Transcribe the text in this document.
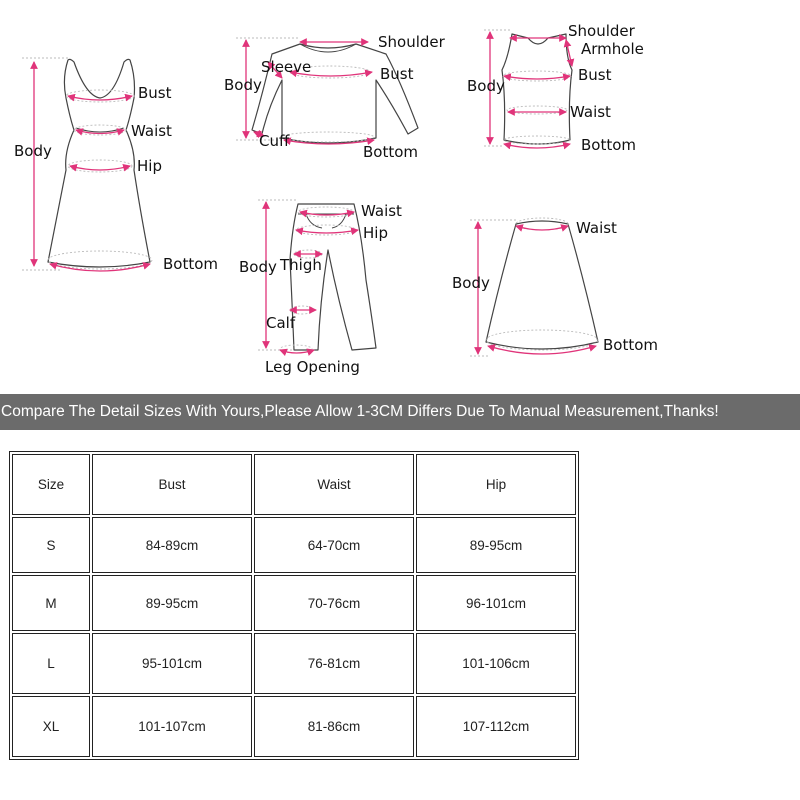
Body
Bust
Waist
Hip
Bottom
Body
Sleeve
Shoulder
Bust
Cuff
Bottom
Body
Shoulder
Armhole
Bust
Waist
Bottom
Body Thigh
Waist
Hip
Calf
Leg Opening
Body
Waist
Bottom
Compare The Detail Sizes With Yours,Please Allow 1-3CM Differs Due To Manual Measurement,Thanks!
Size	Bust	Waist	Hip
S	84-89cm	64-70cm	89-95cm
M	89-95cm	70-76cm	96-101cm
L	95-101cm	76-81cm	101-106cm
XL	101-107cm	81-86cm	107-112cm
